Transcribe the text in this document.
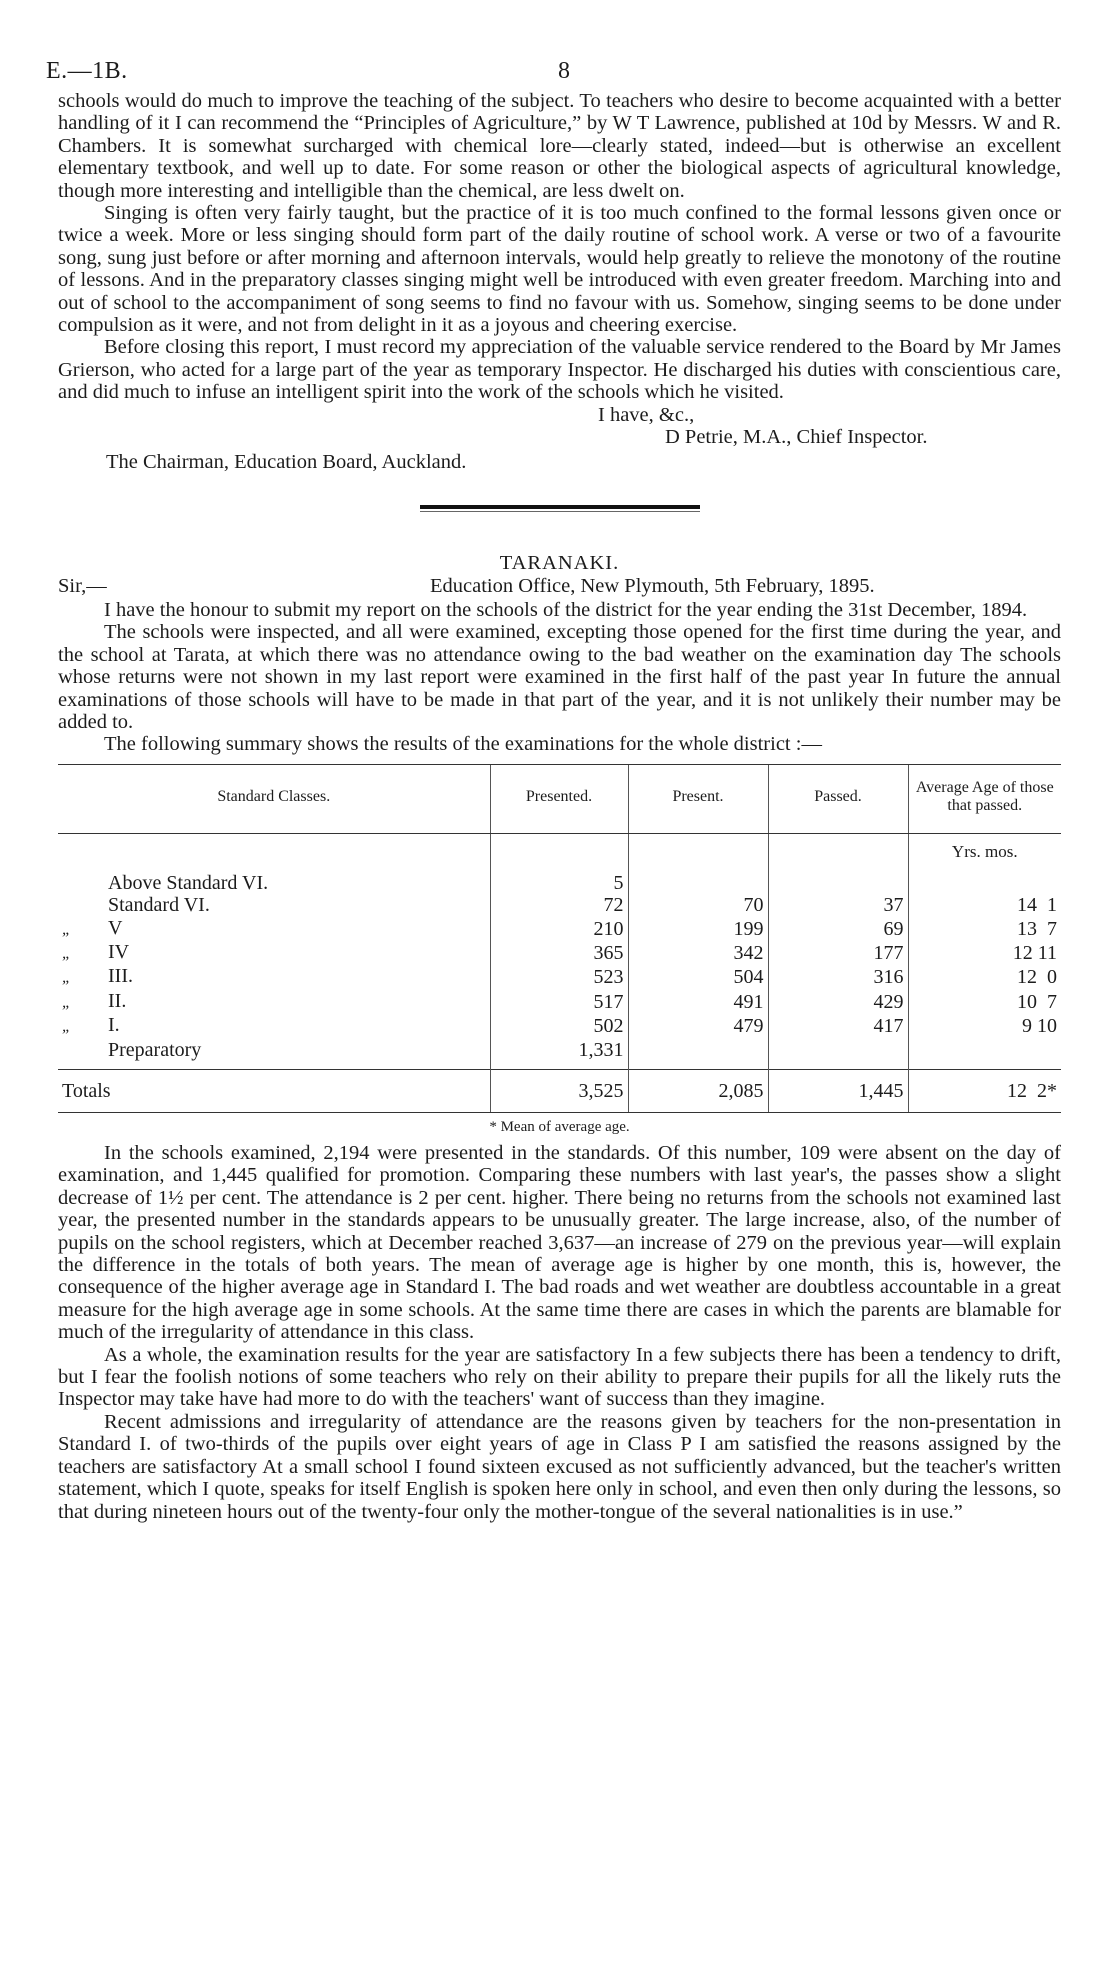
E.—1B.	8

schools would do much to improve the teaching of the subject. To teachers who desire to become acquainted with a better handling of it I can recommend the “Principles of Agriculture,” by W T Lawrence, published at 10d by Messrs. W and R. Chambers. It is somewhat surcharged with chemical lore—clearly stated, indeed—but is otherwise an excellent elementary textbook, and well up to date. For some reason or other the biological aspects of agricultural knowledge, though more interesting and intelligible than the chemical, are less dwelt on.

Singing is often very fairly taught, but the practice of it is too much confined to the formal lessons given once or twice a week. More or less singing should form part of the daily routine of school work. A verse or two of a favourite song, sung just before or after morning and afternoon intervals, would help greatly to relieve the monotony of the routine of lessons. And in the preparatory classes singing might well be introduced with even greater freedom. Marching into and out of school to the accompaniment of song seems to find no favour with us. Somehow, singing seems to be done under compulsion as it were, and not from delight in it as a joyous and cheering exercise.

Before closing this report, I must record my appreciation of the valuable service rendered to the Board by Mr James Grierson, who acted for a large part of the year as temporary Inspector. He discharged his duties with conscientious care, and did much to infuse an intelligent spirit into the work of the schools which he visited.

I have, &c.,
D Petrie, M.A., Chief Inspector.
The Chairman, Education Board, Auckland.
TARANAKI.
Sir,—	Education Office, New Plymouth, 5th February, 1895.

I have the honour to submit my report on the schools of the district for the year ending the 31st December, 1894.

The schools were inspected, and all were examined, excepting those opened for the first time during the year, and the school at Tarata, at which there was no attendance owing to the bad weather on the examination day The schools whose returns were not shown in my last report were examined in the first half of the past year In future the annual examinations of those schools will have to be made in that part of the year, and it is not unlikely their number may be added to.

The following summary shows the results of the examinations for the whole district :—

Standard Classes.	Presented.	Present.	Passed.	Average Age of those that passed.
				Yrs. mos.

Above Standard VI.	5			
Standard VI.	72	70	37	14  1
„ V	210	199	69	13  7
„ IV	365	342	177	12 11
„ III.	523	504	316	12  0
„ II.	517	491	429	10  7
„ I.	502	479	417	9 10
Preparatory	1,331			

Totals	3,525	2,085	1,445	12  2*
* Mean of average age.

In the schools examined, 2,194 were presented in the standards. Of this number, 109 were absent on the day of examination, and 1,445 qualified for promotion. Comparing these numbers with last year's, the passes show a slight decrease of 1½ per cent. The attendance is 2 per cent. higher. There being no returns from the schools not examined last year, the presented number in the standards appears to be unusually greater. The large increase, also, of the number of pupils on the school registers, which at December reached 3,637—an increase of 279 on the previous year—will explain the difference in the totals of both years. The mean of average age is higher by one month, this is, however, the consequence of the higher average age in Standard I. The bad roads and wet weather are doubtless accountable in a great measure for the high average age in some schools. At the same time there are cases in which the parents are blamable for much of the irregularity of attendance in this class.

As a whole, the examination results for the year are satisfactory In a few subjects there has been a tendency to drift, but I fear the foolish notions of some teachers who rely on their ability to prepare their pupils for all the likely ruts the Inspector may take have had more to do with the teachers' want of success than they imagine.

Recent admissions and irregularity of attendance are the reasons given by teachers for the non-presentation in Standard I. of two-thirds of the pupils over eight years of age in Class P I am satisfied the reasons assigned by the teachers are satisfactory At a small school I found sixteen excused as not sufficiently advanced, but the teacher's written statement, which I quote, speaks for itself English is spoken here only in school, and even then only during the lessons, so that during nineteen hours out of the twenty-four only the mother-tongue of the several nationalities is in use.”
